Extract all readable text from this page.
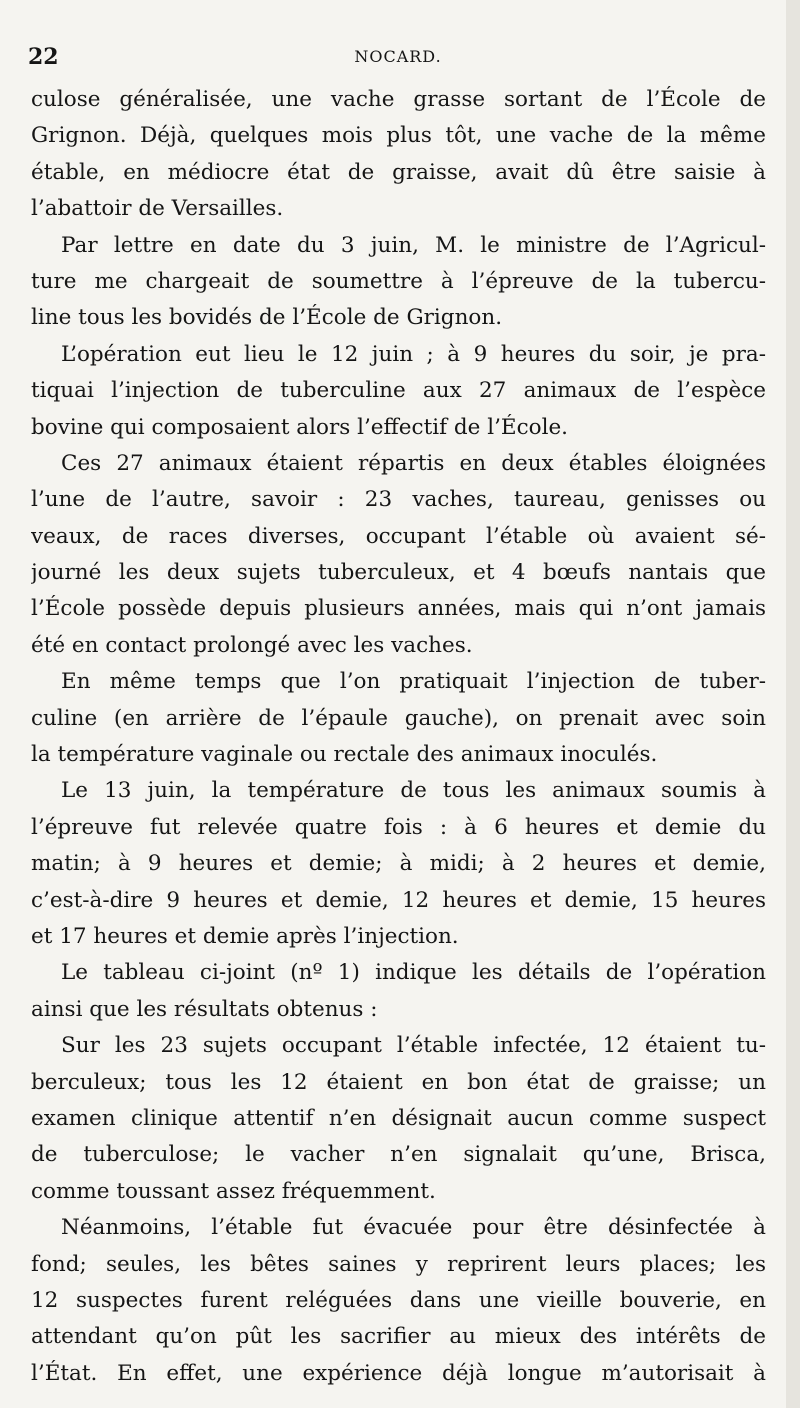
22	NOCARD.
culose généralisée, une vache grasse sortant de l’École de
Grignon. Déjà, quelques mois plus tôt, une vache de la même
étable, en médiocre état de graisse, avait dû être saisie à
l’abattoir de Versailles.
Par lettre en date du 3 juin, M. le ministre de l’Agricul-
ture me chargeait de soumettre à l’épreuve de la tubercu-
line tous les bovidés de l’École de Grignon.
L’opération eut lieu le 12 juin ; à 9 heures du soir, je pra-
tiquai l’injection de tuberculine aux 27 animaux de l’espèce
bovine qui composaient alors l’effectif de l’École.
Ces 27 animaux étaient répartis en deux étables éloignées
l’une de l’autre, savoir : 23 vaches, taureau, genisses ou
veaux, de races diverses, occupant l’étable où avaient sé-
journé les deux sujets tuberculeux, et 4 bœufs nantais que
l’École possède depuis plusieurs années, mais qui n’ont jamais
été en contact prolongé avec les vaches.
En même temps que l’on pratiquait l’injection de tuber-
culine (en arrière de l’épaule gauche), on prenait avec soin
la température vaginale ou rectale des animaux inoculés.
Le 13 juin, la température de tous les animaux soumis à
l’épreuve fut relevée quatre fois : à 6 heures et demie du
matin; à 9 heures et demie; à midi; à 2 heures et demie,
c’est-à-dire 9 heures et demie, 12 heures et demie, 15 heures
et 17 heures et demie après l’injection.
Le tableau ci-joint (nº 1) indique les détails de l’opération
ainsi que les résultats obtenus :
Sur les 23 sujets occupant l’étable infectée, 12 étaient tu-
berculeux; tous les 12 étaient en bon état de graisse; un
examen clinique attentif n’en désignait aucun comme suspect
de tuberculose; le vacher n’en signalait qu’une, Brisca,
comme toussant assez fréquemment.
Néanmoins, l’étable fut évacuée pour être désinfectée à
fond; seules, les bêtes saines y reprirent leurs places; les
12 suspectes furent reléguées dans une vieille bouverie, en
attendant qu’on pût les sacrifier au mieux des intérêts de
l’État. En effet, une expérience déjà longue m’autorisait à
